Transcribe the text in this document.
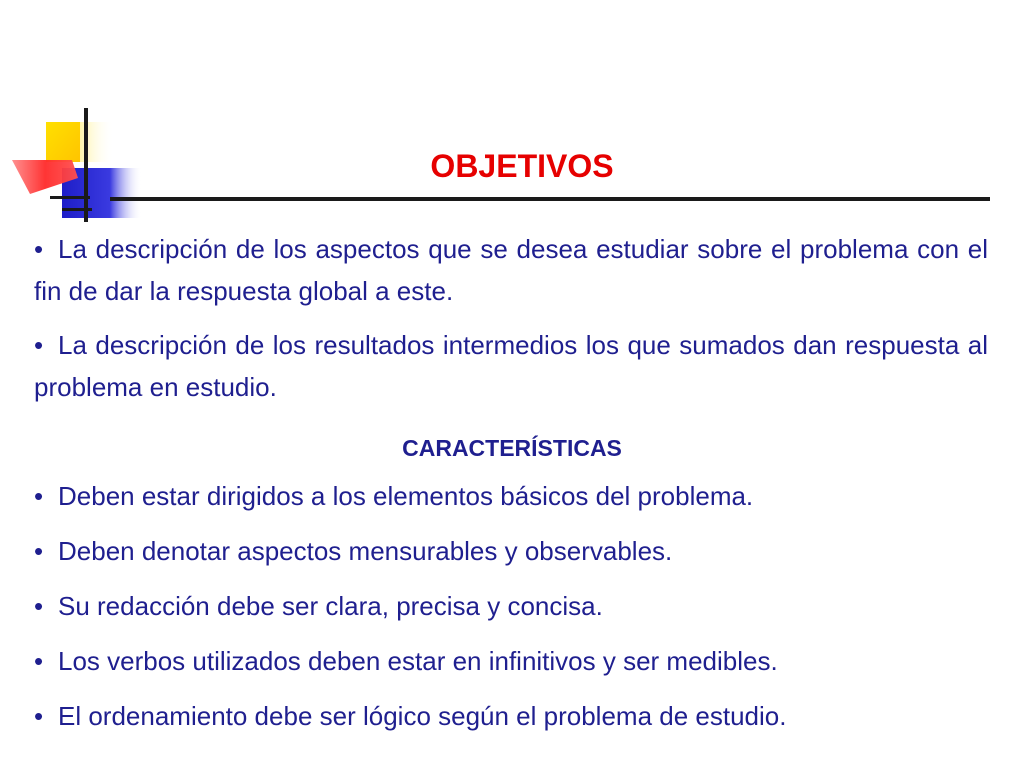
OBJETIVOS

• La descripción de los aspectos que se desea estudiar sobre el problema con el fin de dar la respuesta global a este.

• La descripción de los resultados intermedios los que sumados dan respuesta al problema en estudio.

CARACTERÍSTICAS
• Deben estar dirigidos a los elementos básicos del problema.
• Deben denotar aspectos mensurables y observables.
• Su redacción debe ser clara, precisa y concisa.
• Los verbos utilizados deben estar en infinitivos y ser medibles.
• El ordenamiento debe ser lógico según el problema de estudio.
